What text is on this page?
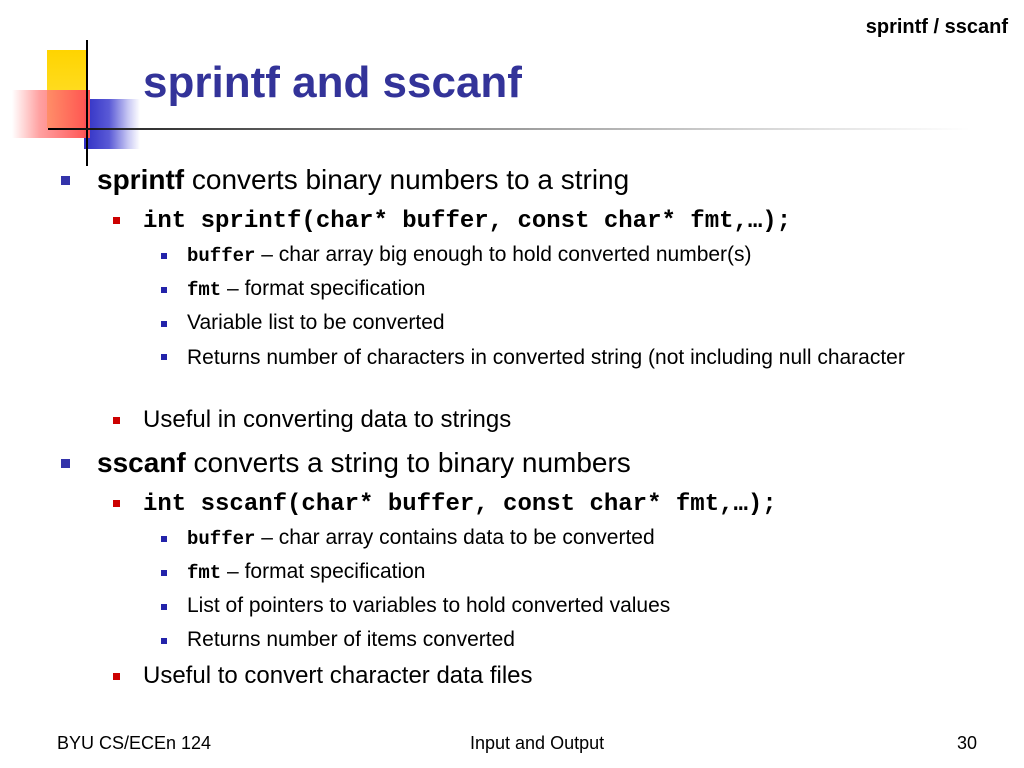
sprintf / sscanf
sprintf and sscanf
sprintf converts binary numbers to a string
int sprintf(char* buffer, const char* fmt,…);
buffer – char array big enough to hold converted number(s)
fmt – format specification
Variable list to be converted
Returns number of characters in converted string (not including null character
Useful in converting data to strings
sscanf converts a string to binary numbers
int sscanf(char* buffer, const char* fmt,…);
buffer – char array contains data to be converted
fmt – format specification
List of pointers to variables to hold converted values
Returns number of items converted
Useful to convert character data files
BYU CS/ECEn 124	Input and Output	30
